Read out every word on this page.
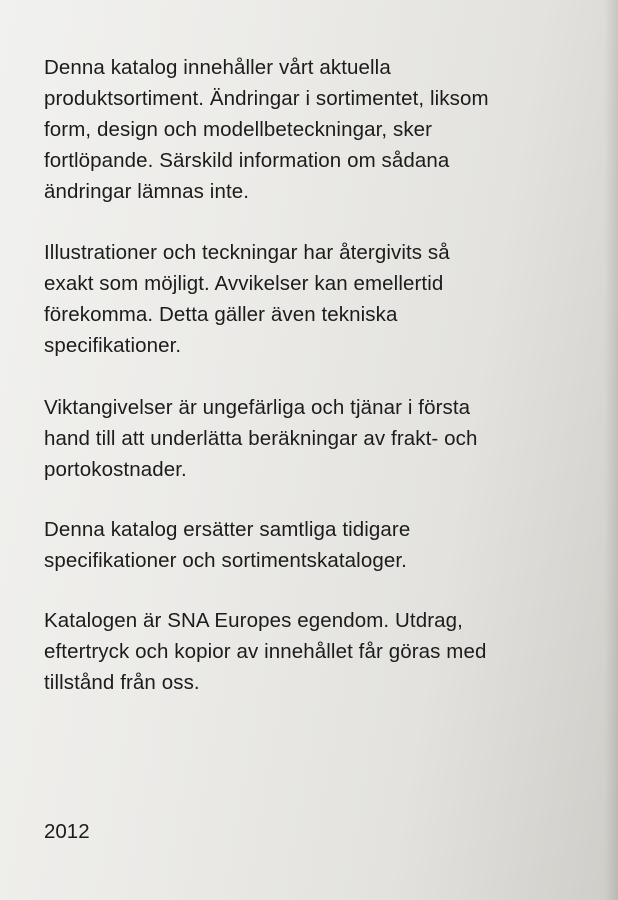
Denna katalog innehåller vårt aktuella
produktsortiment. Ändringar i sortimentet, liksom
form, design och modellbeteckningar, sker
fortlöpande. Särskild information om sådana
ändringar lämnas inte.

Illustrationer och teckningar har återgivits så
exakt som möjligt. Avvikelser kan emellertid
förekomma. Detta gäller även tekniska
specifikationer.

Viktangivelser är ungefärliga och tjänar i första
hand till att underlätta beräkningar av frakt- och
portokostnader.

Denna katalog ersätter samtliga tidigare
specifikationer och sortimentskataloger.

Katalogen är SNA Europes egendom. Utdrag,
eftertryck och kopior av innehållet får göras med
tillstånd från oss.

2012
